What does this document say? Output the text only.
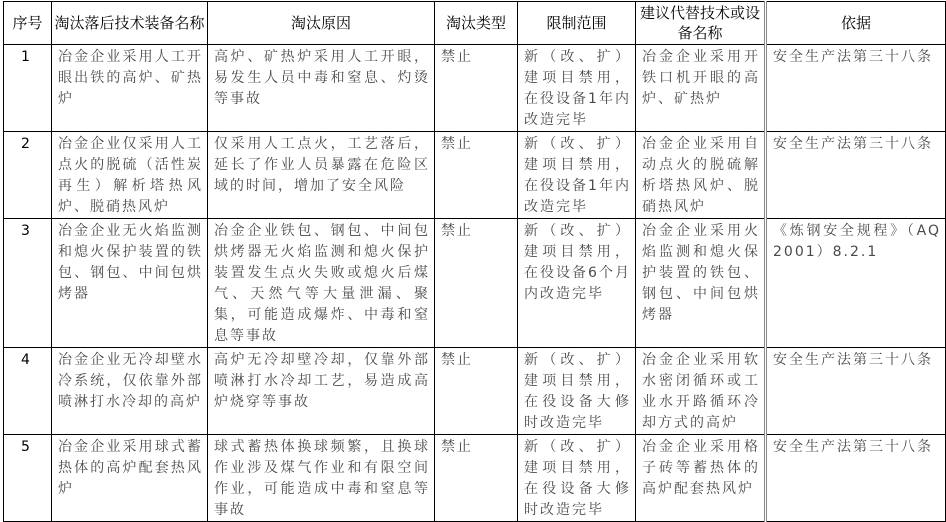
序号	淘汰落后技术装备名称	淘汰原因	淘汰类型	限制范围	建议代替技术或设备名称	依据
1	冶金企业采用人工开眼出铁的高炉、矿热炉	高炉、矿热炉采用人工开眼，易发生人员中毒和窒息、灼烫等事故	禁止	新（改、扩）建项目禁用，在役设备1年内改造完毕	冶金企业采用开铁口机开眼的高炉、矿热炉	安全生产法第三十八条
2	冶金企业仅采用人工点火的脱硫（活性炭再生）解析塔热风炉、脱硝热风炉	仅采用人工点火，工艺落后，延长了作业人员暴露在危险区域的时间，增加了安全风险	禁止	新（改、扩）建项目禁用，在役设备1年内改造完毕	冶金企业采用自动点火的脱硫解析塔热风炉、脱硝热风炉	安全生产法第三十八条
3	冶金企业无火焰监测和熄火保护装置的铁包、钢包、中间包烘烤器	冶金企业铁包、钢包、中间包烘烤器无火焰监测和熄火保护装置发生点火失败或熄火后煤气、天然气等大量泄漏、聚集，可能造成爆炸、中毒和窒息等事故	禁止	新（改、扩）建项目禁用，在役设备6个月内改造完毕	冶金企业采用火焰监测和熄火保护装置的铁包、钢包、中间包烘烤器	《炼钢安全规程》（AQ 2001）8.2.1
4	冶金企业无冷却壁水冷系统，仅依靠外部喷淋打水冷却的高炉	高炉无冷却壁冷却，仅靠外部喷淋打水冷却工艺，易造成高炉烧穿等事故	禁止	新（改、扩）建项目禁用，在役设备大修时改造完毕	冶金企业采用软水密闭循环或工业水开路循环冷却方式的高炉	安全生产法第三十八条
5	冶金企业采用球式蓄热体的高炉配套热风炉	球式蓄热体换球频繁，且换球作业涉及煤气作业和有限空间作业，可能造成中毒和窒息等事故	禁止	新（改、扩）建项目禁用，在役设备大修时改造完毕	冶金企业采用格子砖等蓄热体的高炉配套热风炉	安全生产法第三十八条
